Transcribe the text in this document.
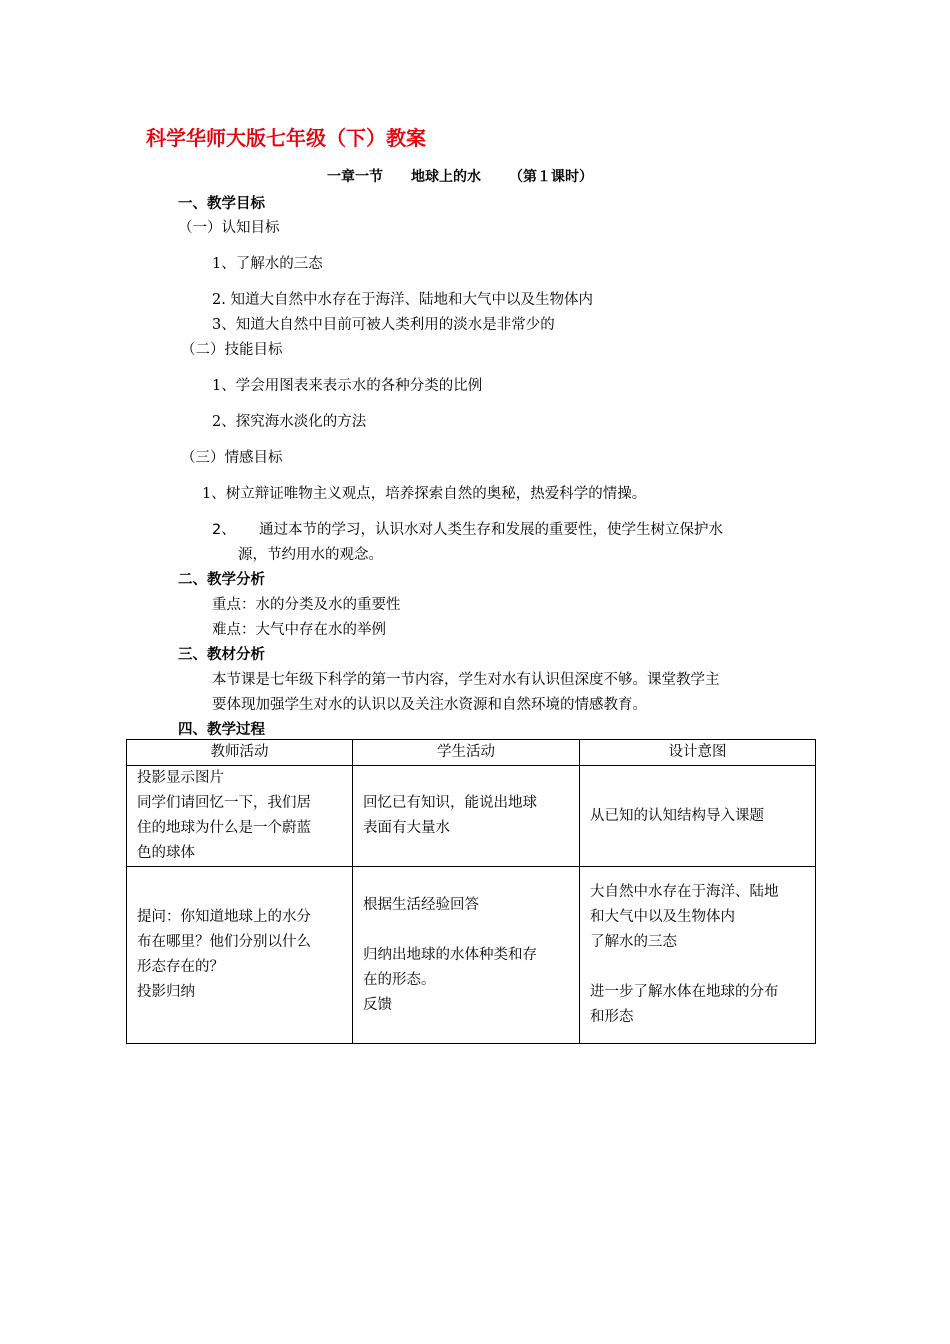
科学华师大版七年级（下）教案
一章一节 地球上的水 （第１课时）
一、教学目标
（一）认知目标
1、了解水的三态
2. 知道大自然中水存在于海洋、陆地和大气中以及生物体内
3、知道大自然中目前可被人类利用的淡水是非常少的
（二）技能目标
1、学会用图表来表示水的各种分类的比例
2、探究海水淡化的方法
（三）情感目标
1、树立辩证唯物主义观点，培养探索自然的奥秘，热爱科学的情操。
2、 通过本节的学习，认识水对人类生存和发展的重要性，使学生树立保护水
源，节约用水的观念。
二、教学分析
重点：水的分类及水的重要性
难点：大气中存在水的举例
三、教材分析
本节课是七年级下科学的第一节内容，学生对水有认识但深度不够。课堂教学主
要体现加强学生对水的认识以及关注水资源和自然环境的情感教育。
四、教学过程
教师活动	学生活动	设计意图

投影显示图片
同学们请回忆一下，我们居
住的地球为什么是一个蔚蓝
色的球体	回忆已有知识，能说出地球
表面有大量水	从已知的认知结构导入课题

提问：你知道地球上的水分
布在哪里？他们分别以什么
形态存在的？
投影归纳	根据生活经验回答
归纳出地球的水体种类和存
在的形态。
反馈	大自然中水存在于海洋、陆地
和大气中以及生物体内
了解水的三态
进一步了解水体在地球的分布
和形态
